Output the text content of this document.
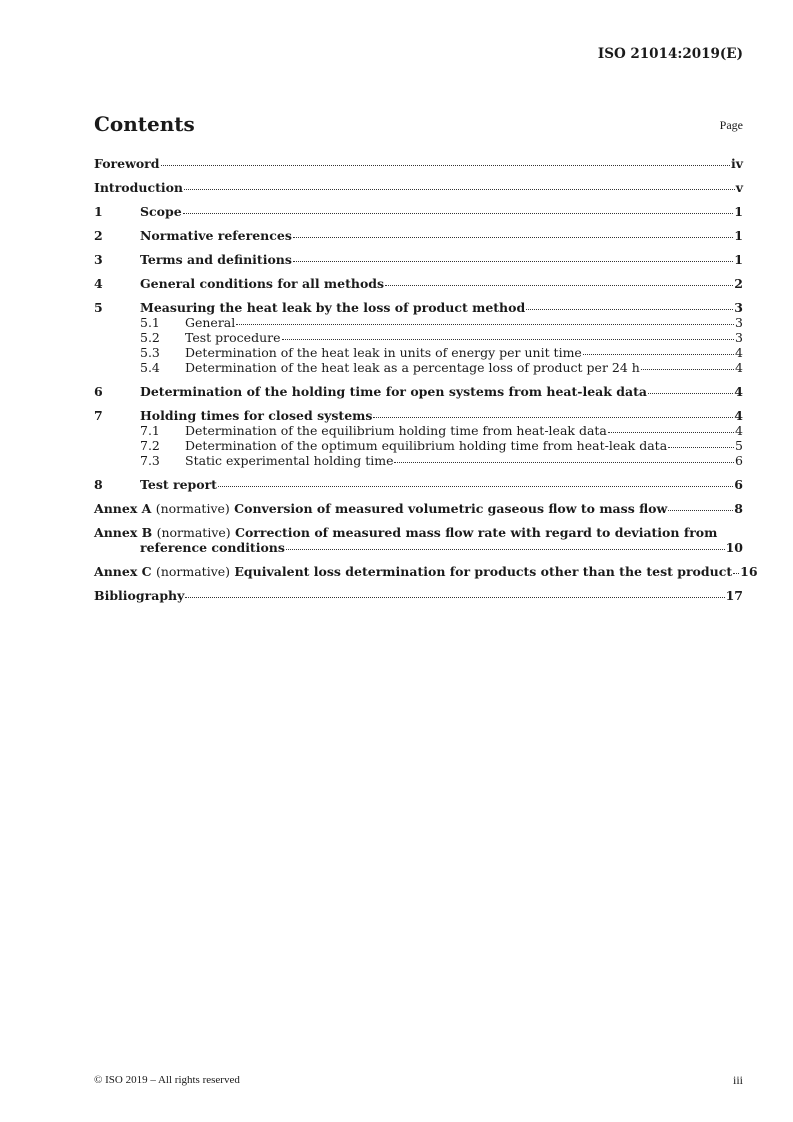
ISO 21014:2019(E)
Contents	Page
Foreword	iv
Introduction	v
1	Scope	1
2	Normative references	1
3	Terms and definitions	1
4	General conditions for all methods	2
5	Measuring the heat leak by the loss of product method	3
5.1	General	3
5.2	Test procedure	3
5.3	Determination of the heat leak in units of energy per unit time	4
5.4	Determination of the heat leak as a percentage loss of product per 24 h	4
6	Determination of the holding time for open systems from heat-leak data	4
7	Holding times for closed systems	4
7.1	Determination of the equilibrium holding time from heat-leak data	4
7.2	Determination of the optimum equilibrium holding time from heat-leak data	5
7.3	Static experimental holding time	6
8	Test report	6
Annex A (normative) Conversion of measured volumetric gaseous flow to mass flow	8
Annex B (normative) Correction of measured mass flow rate with regard to deviation from
reference conditions	10
Annex C (normative) Equivalent loss determination for products other than the test product 16
Bibliography	17
© ISO 2019 – All rights reserved	iii
